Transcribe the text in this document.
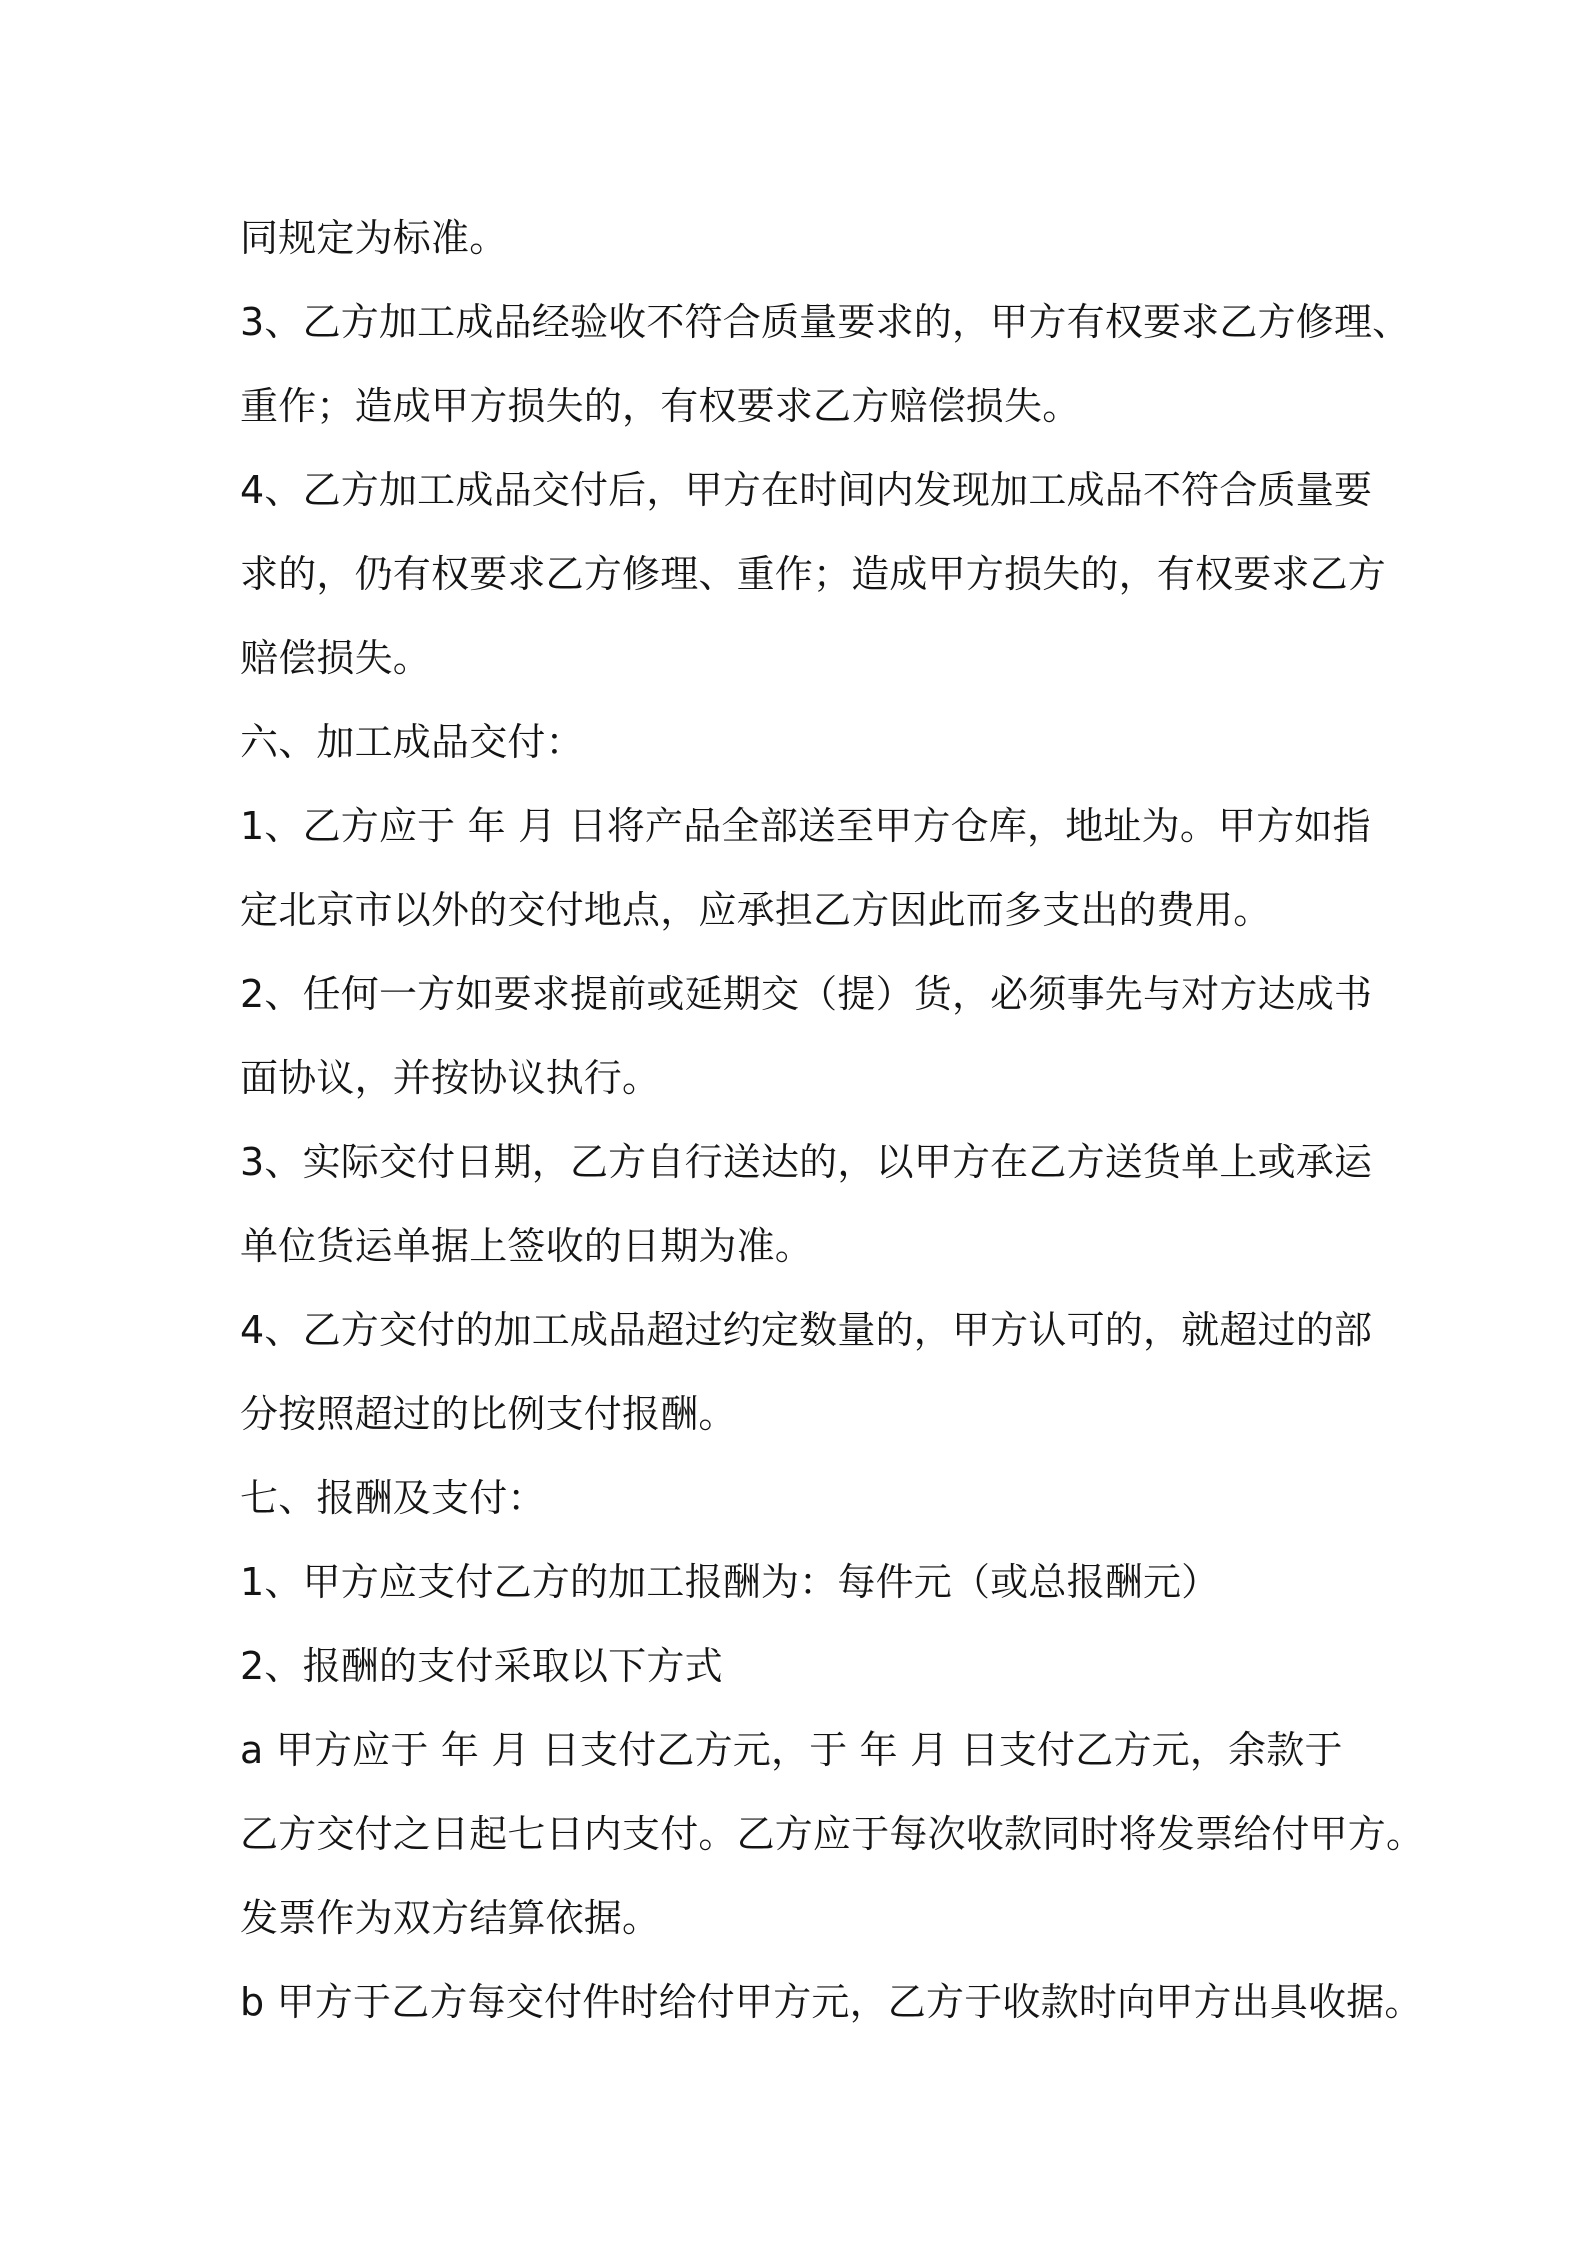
同规定为标准。
3、乙方加工成品经验收不符合质量要求的，甲方有权要求乙方修理、
重作；造成甲方损失的，有权要求乙方赔偿损失。
4、乙方加工成品交付后，甲方在时间内发现加工成品不符合质量要
求的，仍有权要求乙方修理、重作；造成甲方损失的，有权要求乙方
赔偿损失。
六、加工成品交付：
1、乙方应于 年 月 日将产品全部送至甲方仓库，地址为。甲方如指
定北京市以外的交付地点，应承担乙方因此而多支出的费用。
2、任何一方如要求提前或延期交（提）货，必须事先与对方达成书
面协议，并按协议执行。
3、实际交付日期，乙方自行送达的，以甲方在乙方送货单上或承运
单位货运单据上签收的日期为准。
4、乙方交付的加工成品超过约定数量的，甲方认可的，就超过的部
分按照超过的比例支付报酬。
七、报酬及支付：
1、甲方应支付乙方的加工报酬为：每件元（或总报酬元）
2、报酬的支付采取以下方式
a 甲方应于 年 月 日支付乙方元，于 年 月 日支付乙方元，余款于
乙方交付之日起七日内支付。乙方应于每次收款同时将发票给付甲方。
发票作为双方结算依据。
b 甲方于乙方每交付件时给付甲方元，乙方于收款时向甲方出具收据。
